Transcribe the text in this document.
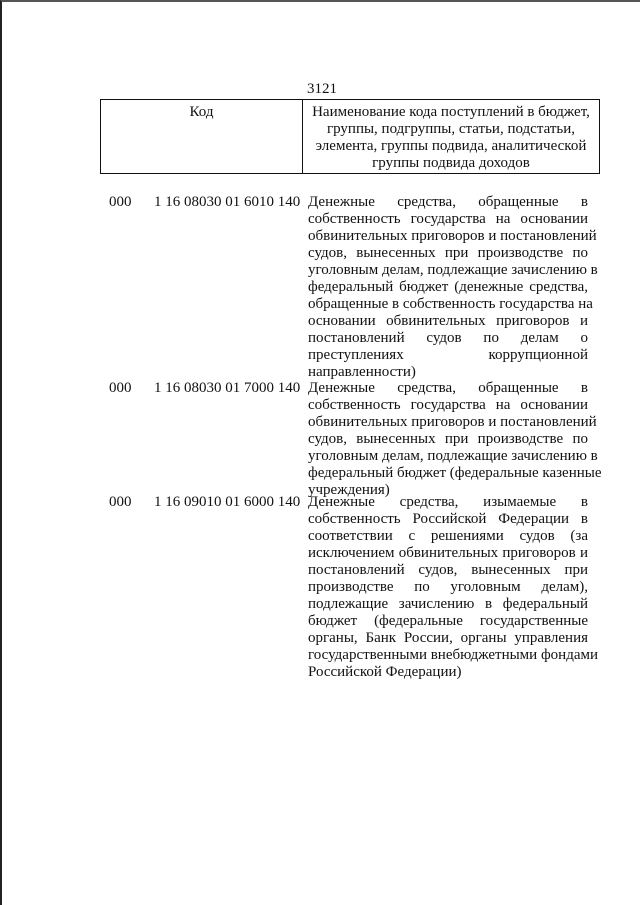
3121
Код	Наименование кода поступлений в бюджет, группы, подгруппы, статьи, подстатьи, элемента, группы подвида, аналитической группы подвида доходов
000 1 16 08030 01 6010 140 Денежные средства, обращенные в
собственность государства на основании
обвинительных приговоров и постановлений
судов, вынесенных при производстве по
уголовным делам, подлежащие зачислению в
федеральный бюджет (денежные средства,
обращенные в собственность государства на
основании обвинительных приговоров и
постановлений судов по делам о
преступлениях коррупционной
направленности)
000 1 16 08030 01 7000 140 Денежные средства, обращенные в
собственность государства на основании
обвинительных приговоров и постановлений
судов, вынесенных при производстве по
уголовным делам, подлежащие зачислению в
федеральный бюджет (федеральные казенные
учреждения)
000 1 16 09010 01 6000 140 Денежные средства, изымаемые в
собственность Российской Федерации в
соответствии с решениями судов (за
исключением обвинительных приговоров и
постановлений судов, вынесенных при
производстве по уголовным делам),
подлежащие зачислению в федеральный
бюджет (федеральные государственные
органы, Банк России, органы управления
государственными внебюджетными фондами
Российской Федерации)
